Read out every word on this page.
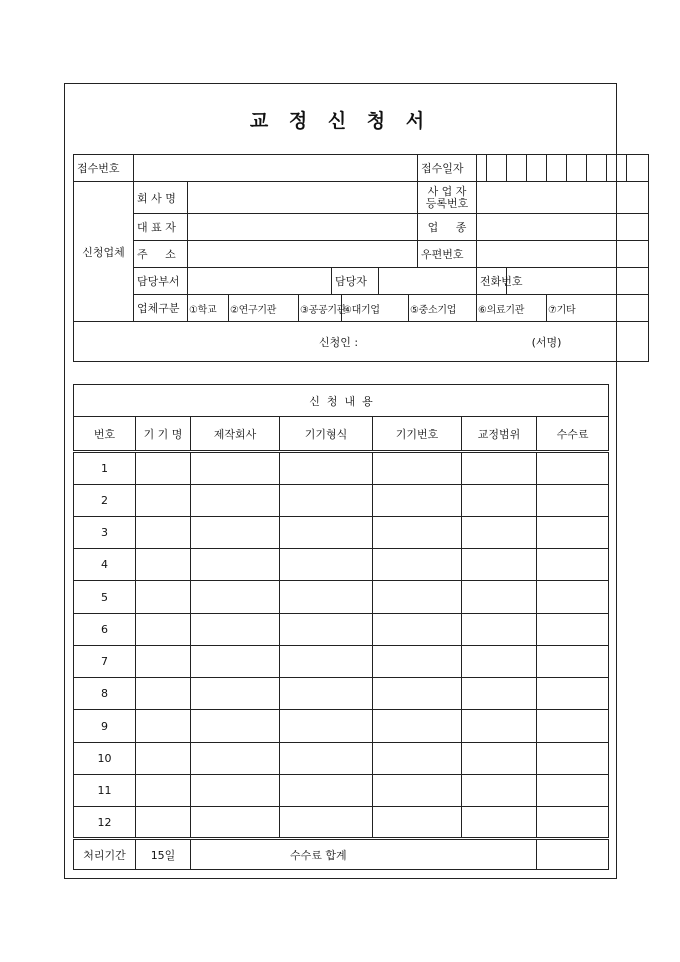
교 정 신 청 서
접수번호									접수일자									
신청업체	회 사 명								사 업 자
등록번호									

	대 표 자								업     종									
	주     소								우편번호									
	담당부서				담당자					전화번호								
	업체구분	①학교	②연구기관	③공공기관		④대기업		⑤중소기업		⑥의료기관				⑦기타				
신청인 : (서명)																		
신  청  내  용						
번호	기 기 명	제작회사	기기형식	기기번호	교정범위	수수료
1						
2						
3						
4						
5						
6						
7						
8						
9						
10						
11						
12						
처리기간	15일	수수료 합계				
